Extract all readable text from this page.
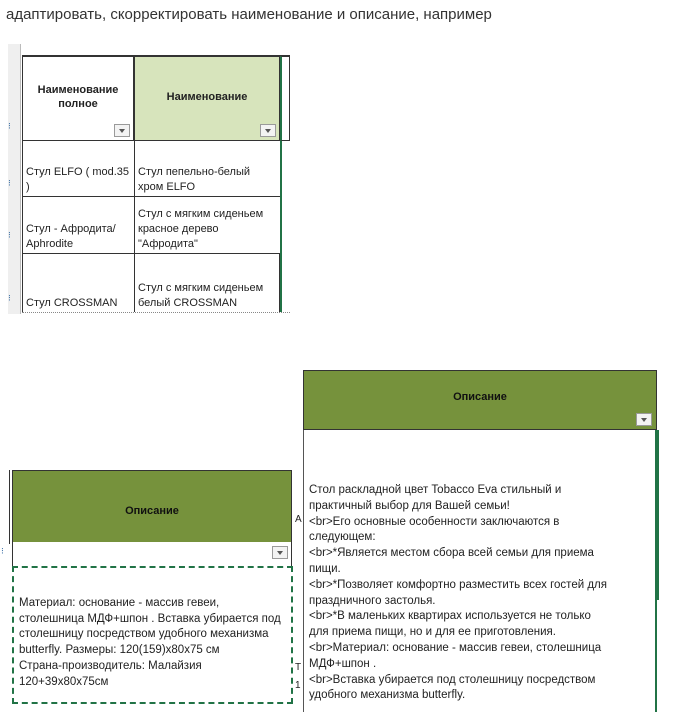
адаптировать, скорректировать наименование и описание, например
⁝
⁝
⁝
⁝
Наименование полное
Наименование
Стул ELFO ( mod.35 )
Стул пепельно-белый хром ELFO
Стул - Афродита/ Aphrodite
Стул с мягким сиденьем красное дерево "Афродита"
Стул CROSSMAN
Стул с мягким сиденьем белый CROSSMAN
⁝
Описание

Материал: основание - массив гевеи, столешница МДФ+шпон . Вставка убирается под столешницу посредством удобного механизма butterfly. Размеры: 120(159)x80x75 см
Страна-производитель: Малайзия
120+39x80x75см

A
T
1
Описание
Стол раскладной цвет Tobacco Eva стильный и
практичный выбор для Вашей семьи!
<br>Его основные особенности заключаются в
следующем:
<br>*Является местом сбора всей семьи для приема
пищи.
<br>*Позволяет комфортно разместить всех гостей для
праздничного застолья.
<br>*В маленьких квартирах используется не только
для приема пищи, но и для ее приготовления.
<br>Материал: основание - массив гевеи, столешница
МДФ+шпон .
<br>Вставка убирается под столешницу посредством
удобного механизма butterfly.
